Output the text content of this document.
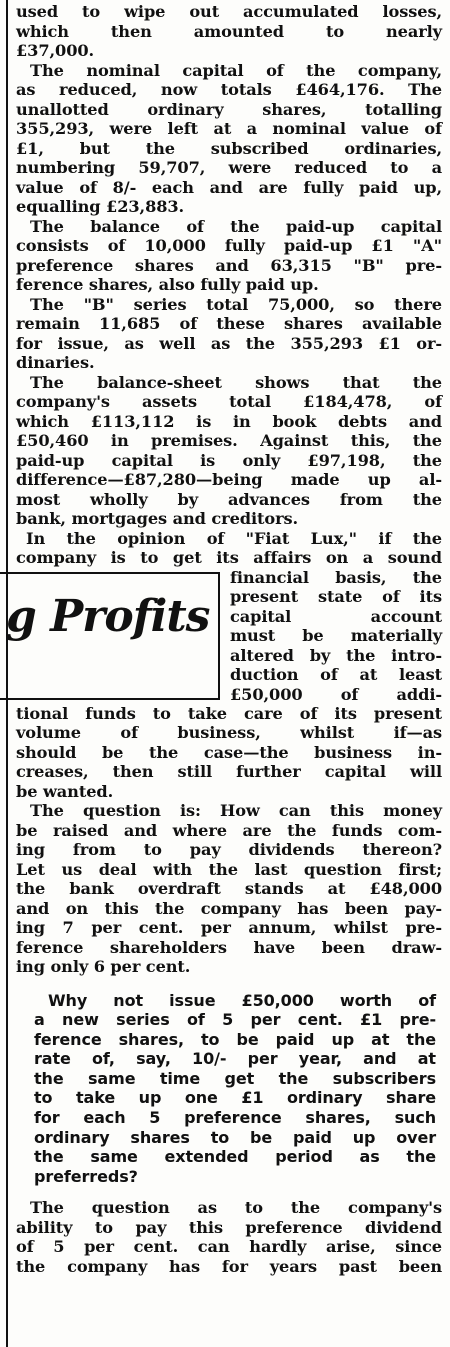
used to wipe out accumulated losses,
which then amounted to nearly
£37,000.

The nominal capital of the company,
as reduced, now totals £464,176. The
unallotted ordinary shares, totalling
355,293, were left at a nominal value of
£1, but the subscribed ordinaries,
numbering 59,707, were reduced to a
value of 8/- each and are fully paid up,
equalling £23,883.

The balance of the paid-up capital
consists of 10,000 fully paid-up £1 "A"
preference shares and 63,315 "B" pre-
ference shares, also fully paid up.

The "B" series total 75,000, so there
remain 11,685 of these shares available
for issue, as well as the 355,293 £1 or-
dinaries.

The balance-sheet shows that the
company's assets total £184,478, of
which £113,112 is in book debts and
£50,460 in premises. Against this, the
paid-up capital is only £97,198, the
difference—£87,280—being made up al-
most wholly by advances from the
bank, mortgages and creditors.

In the opinion of "Fiat Lux," if the
company is to get its affairs on a sound

g Profits
financial basis, the
present state of its
capital account
must be materially
altered by the intro-
duction of at least
£50,000 of addi-

tional funds to take care of its present
volume of business, whilst if—as
should be the case—the business in-
creases, then still further capital will
be wanted.

The question is: How can this money
be raised and where are the funds com-
ing from to pay dividends thereon?
Let us deal with the last question first;
the bank overdraft stands at £48,000
and on this the company has been pay-
ing 7 per cent. per annum, whilst pre-
ference shareholders have been draw-
ing only 6 per cent.

Why not issue £50,000 worth of
a new series of 5 per cent. £1 pre-
ference shares, to be paid up at the
rate of, say, 10/- per year, and at
the same time get the subscribers
to take up one £1 ordinary share
for each 5 preference shares, such
ordinary shares to be paid up over
the same extended period as the
preferreds?

The question as to the company's
ability to pay this preference dividend
of 5 per cent. can hardly arise, since
the company has for years past been
